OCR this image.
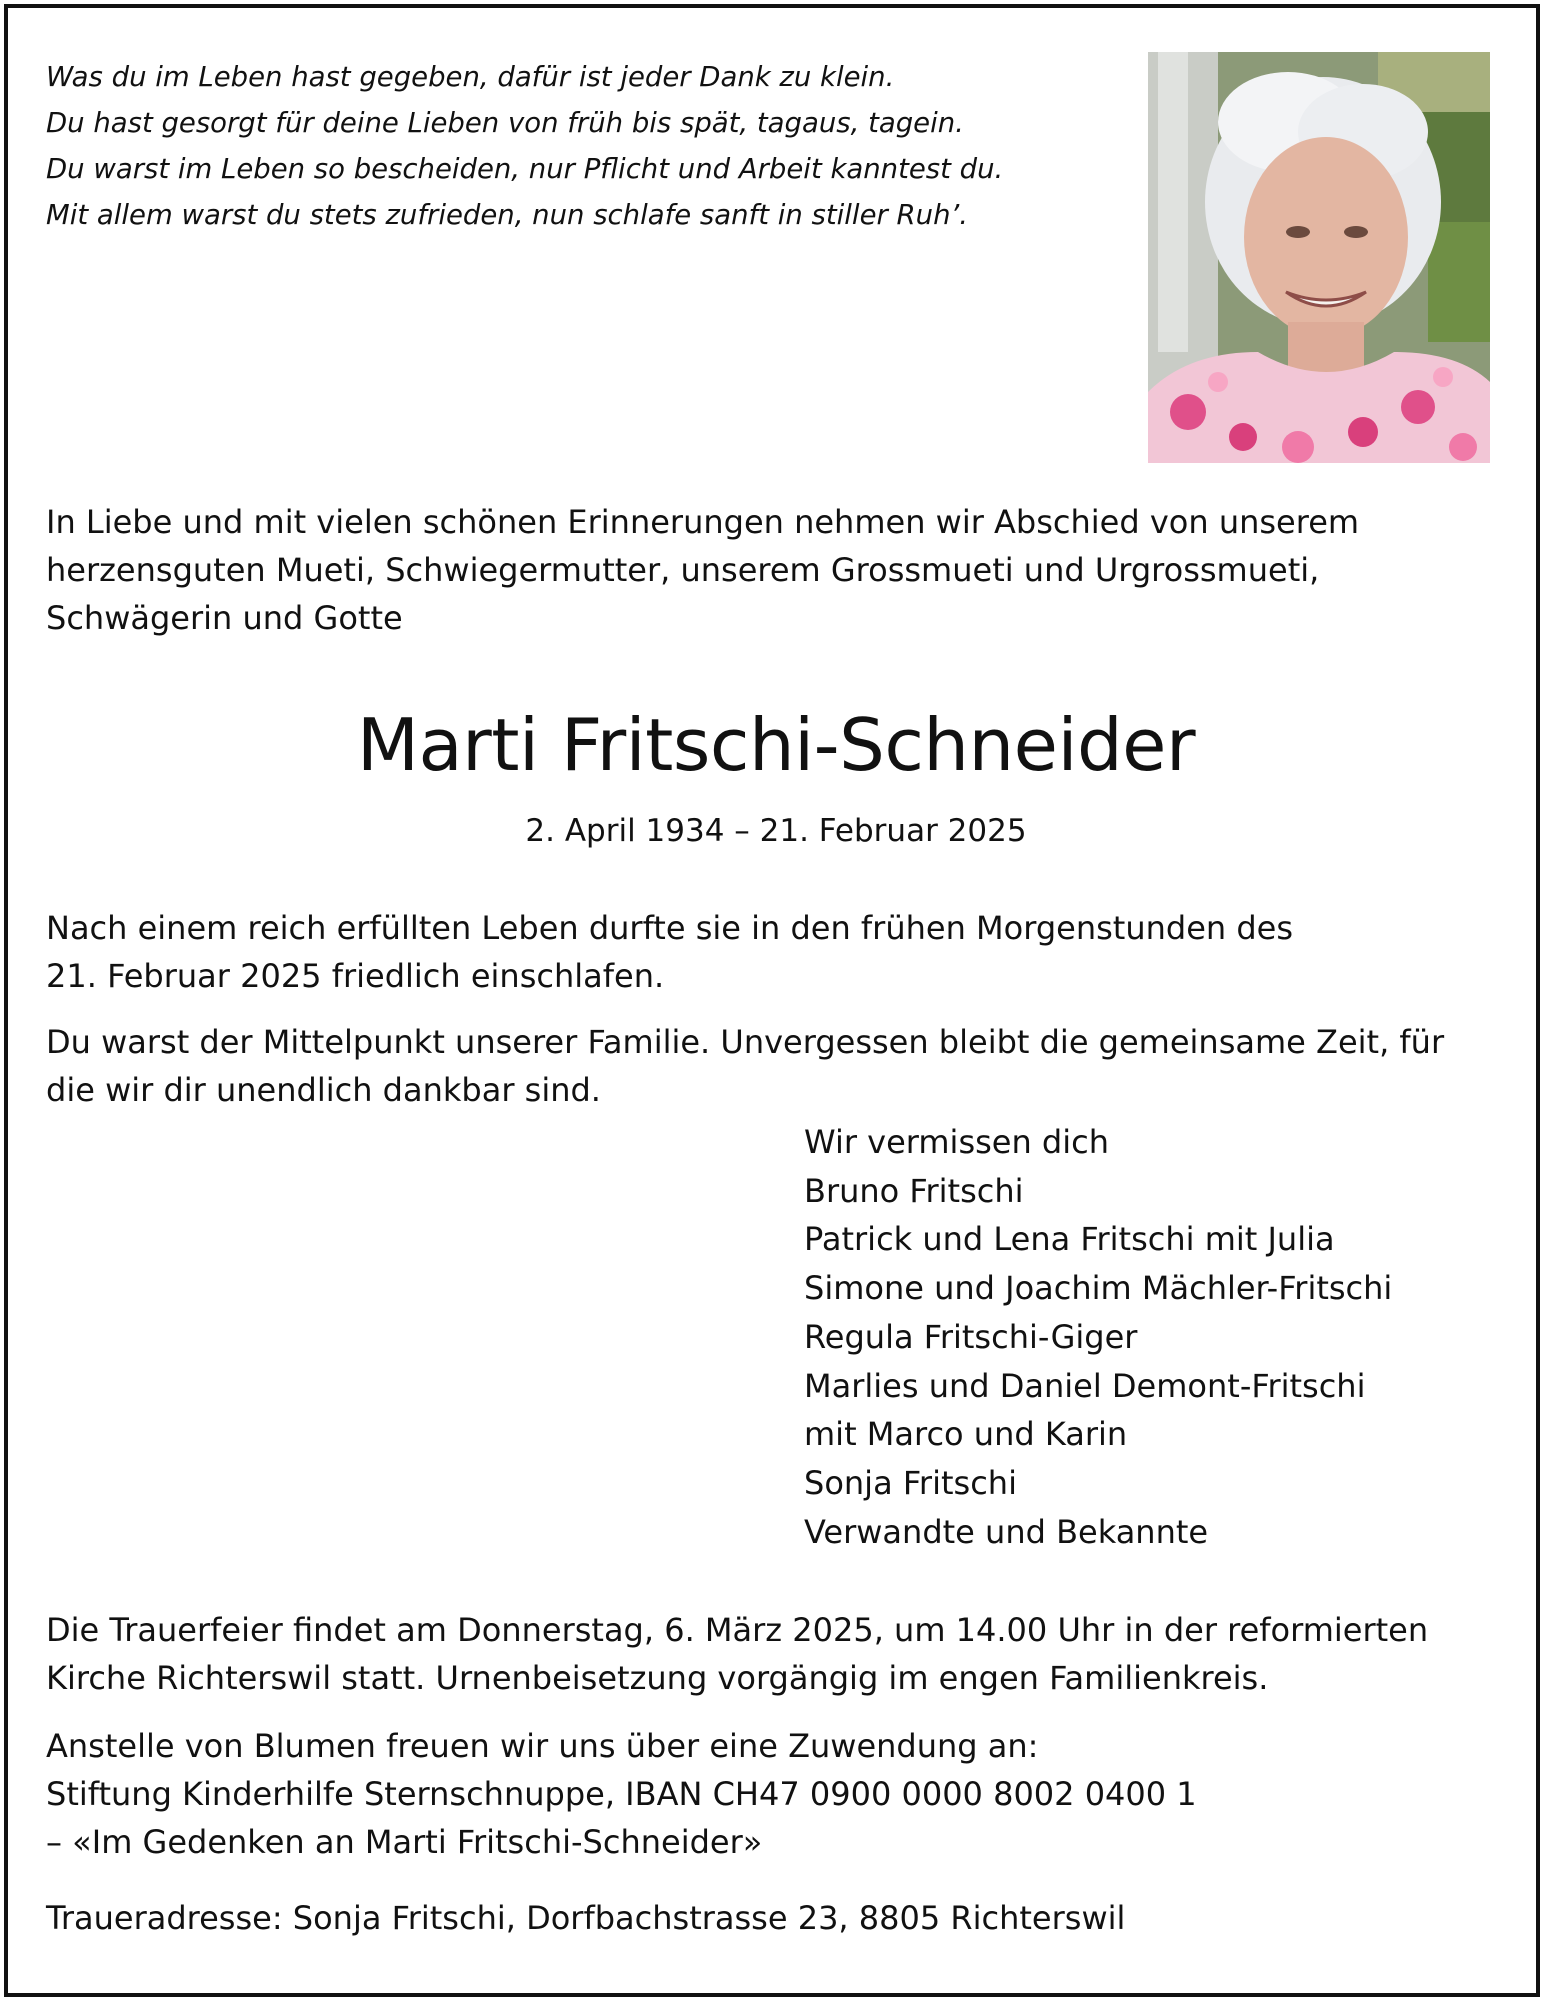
Was du im Leben hast gegeben, dafür ist jeder Dank zu klein.
Du hast gesorgt für deine Lieben von früh bis spät, tagaus, tagein.
Du warst im Leben so bescheiden, nur Pflicht und Arbeit kanntest du.
Mit allem warst du stets zufrieden, nun schlafe sanft in stiller Ruh’.
In Liebe und mit vielen schönen Erinnerungen nehmen wir Abschied von unserem
herzensguten Mueti, Schwiegermutter, unserem Grossmueti und Urgrossmueti,
Schwägerin und Gotte
Marti Fritschi-Schneider
2. April 1934 – 21. Februar 2025
Nach einem reich erfüllten Leben durfte sie in den frühen Morgenstunden des
21. Februar 2025 friedlich einschlafen.
Du warst der Mittelpunkt unserer Familie. Unvergessen bleibt die gemeinsame Zeit, für
die wir dir unendlich dankbar sind.
Wir vermissen dich
Bruno Fritschi
Patrick und Lena Fritschi mit Julia
Simone und Joachim Mächler-Fritschi
Regula Fritschi-Giger
Marlies und Daniel Demont-Fritschi
mit Marco und Karin
Sonja Fritschi
Verwandte und Bekannte
Die Trauerfeier findet am Donnerstag, 6. März 2025, um 14.00 Uhr in der reformierten
Kirche Richterswil statt. Urnenbeisetzung vorgängig im engen Familienkreis.
Anstelle von Blumen freuen wir uns über eine Zuwendung an:
Stiftung Kinderhilfe Sternschnuppe, IBAN CH47 0900 0000 8002 0400 1
– «Im Gedenken an Marti Fritschi-Schneider»
Traueradresse: Sonja Fritschi, Dorfbachstrasse 23, 8805 Richterswil
